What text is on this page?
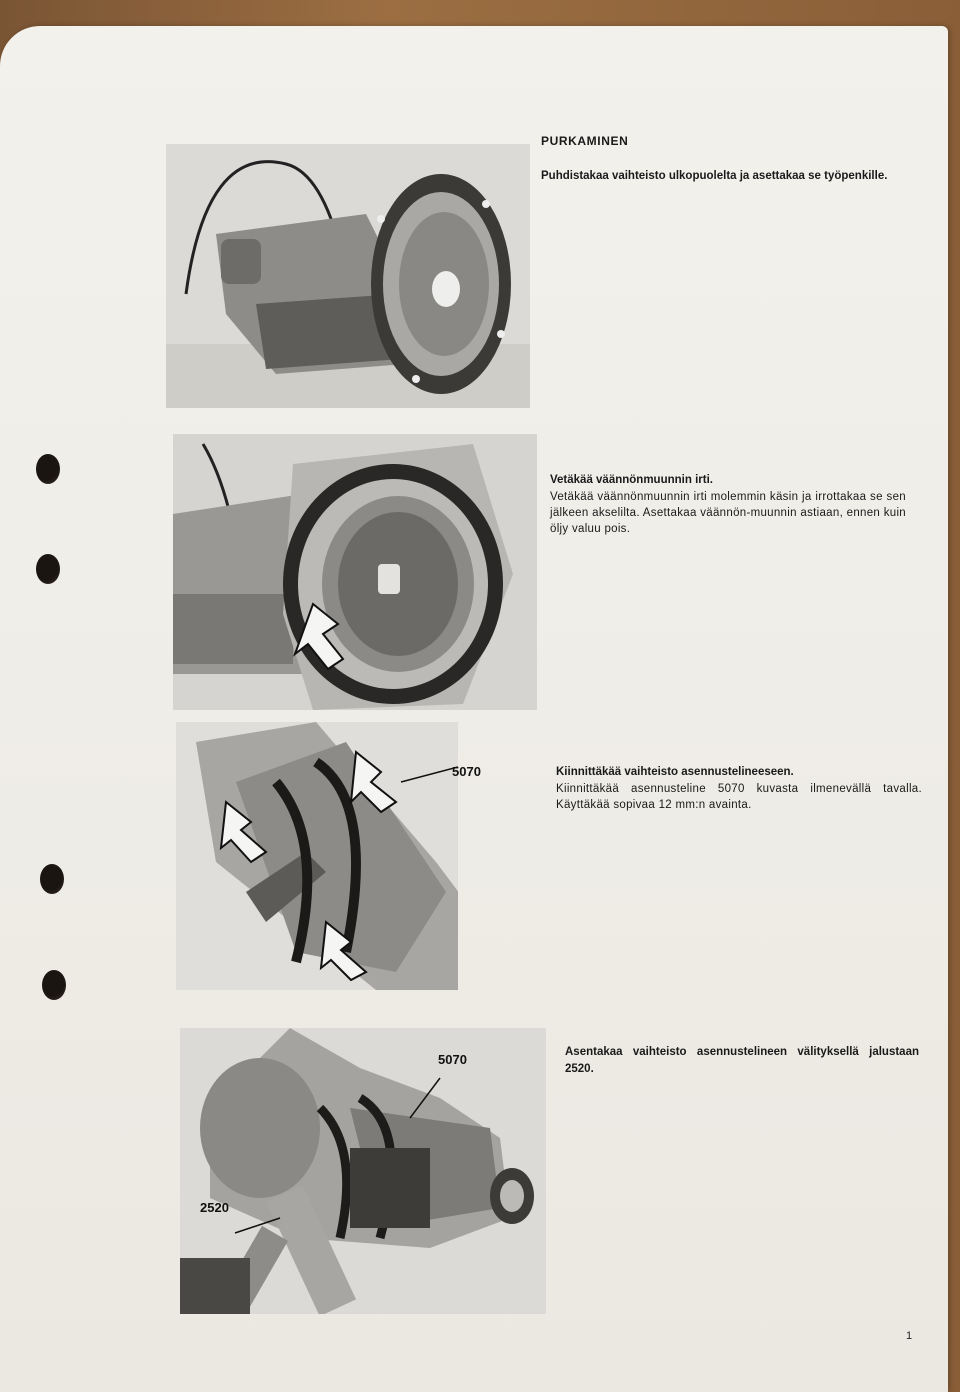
5070
5070
2520
PURKAMINEN
Puhdistakaa vaihteisto ulkopuolelta ja asettakaa se työpenkille.
Vetäkää väännönmuunnin irti.
Vetäkää väännönmuunnin irti molemmin käsin ja irrottakaa se sen jälkeen akselilta. Asettakaa väännön-muunnin astiaan, ennen kuin öljy valuu pois.
Kiinnittäkää vaihteisto asennustelineeseen.
Kiinnittäkää asennusteline 5070 kuvasta ilmenevällä tavalla. Käyttäkää sopivaa 12 mm:n avainta.
Asentakaa vaihteisto asennustelineen välityksellä jalustaan 2520.
1
